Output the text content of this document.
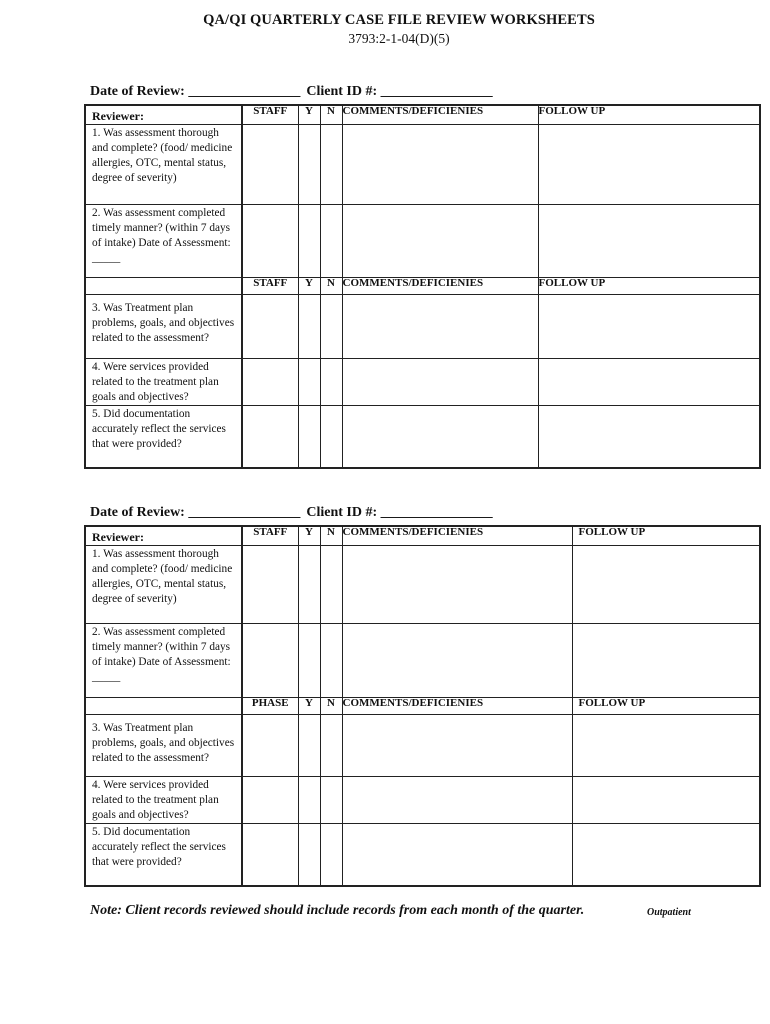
QA/QI QUARTERLY CASE FILE REVIEW WORKSHEETS
3793:2-1-04(D)(5)
Date of Review: ________________ Client ID #: ________________
Reviewer:	STAFF	Y	N	COMMENTS/DEFICIENIES	FOLLOW UP
1. Was assessment thorough and complete? (food/ medicine allergies, OTC, mental status, degree of severity)					
2. Was assessment completed timely manner? (within 7 days of intake) Date of Assessment: _____					
	STAFF	Y	N	COMMENTS/DEFICIENIES	FOLLOW UP
3. Was Treatment plan problems, goals, and objectives related to the assessment?					
4. Were services provided related to the treatment plan goals and objectives?					
5. Did documentation accurately reflect the services that were provided?					
Date of Review: ________________ Client ID #: ________________
Reviewer:	STAFF	Y	N	COMMENTS/DEFICIENIES	FOLLOW UP
1. Was assessment thorough and complete? (food/ medicine allergies, OTC, mental status, degree of severity)					
2. Was assessment completed timely manner? (within 7 days of intake) Date of Assessment: _____					
	PHASE	Y	N	COMMENTS/DEFICIENIES	FOLLOW UP
3. Was Treatment plan problems, goals, and objectives related to the assessment?					
4. Were services provided related to the treatment plan goals and objectives?					
5. Did documentation accurately reflect the services that were provided?					
Note: Client records reviewed should include records from each month of the quarter.	Outpatient
